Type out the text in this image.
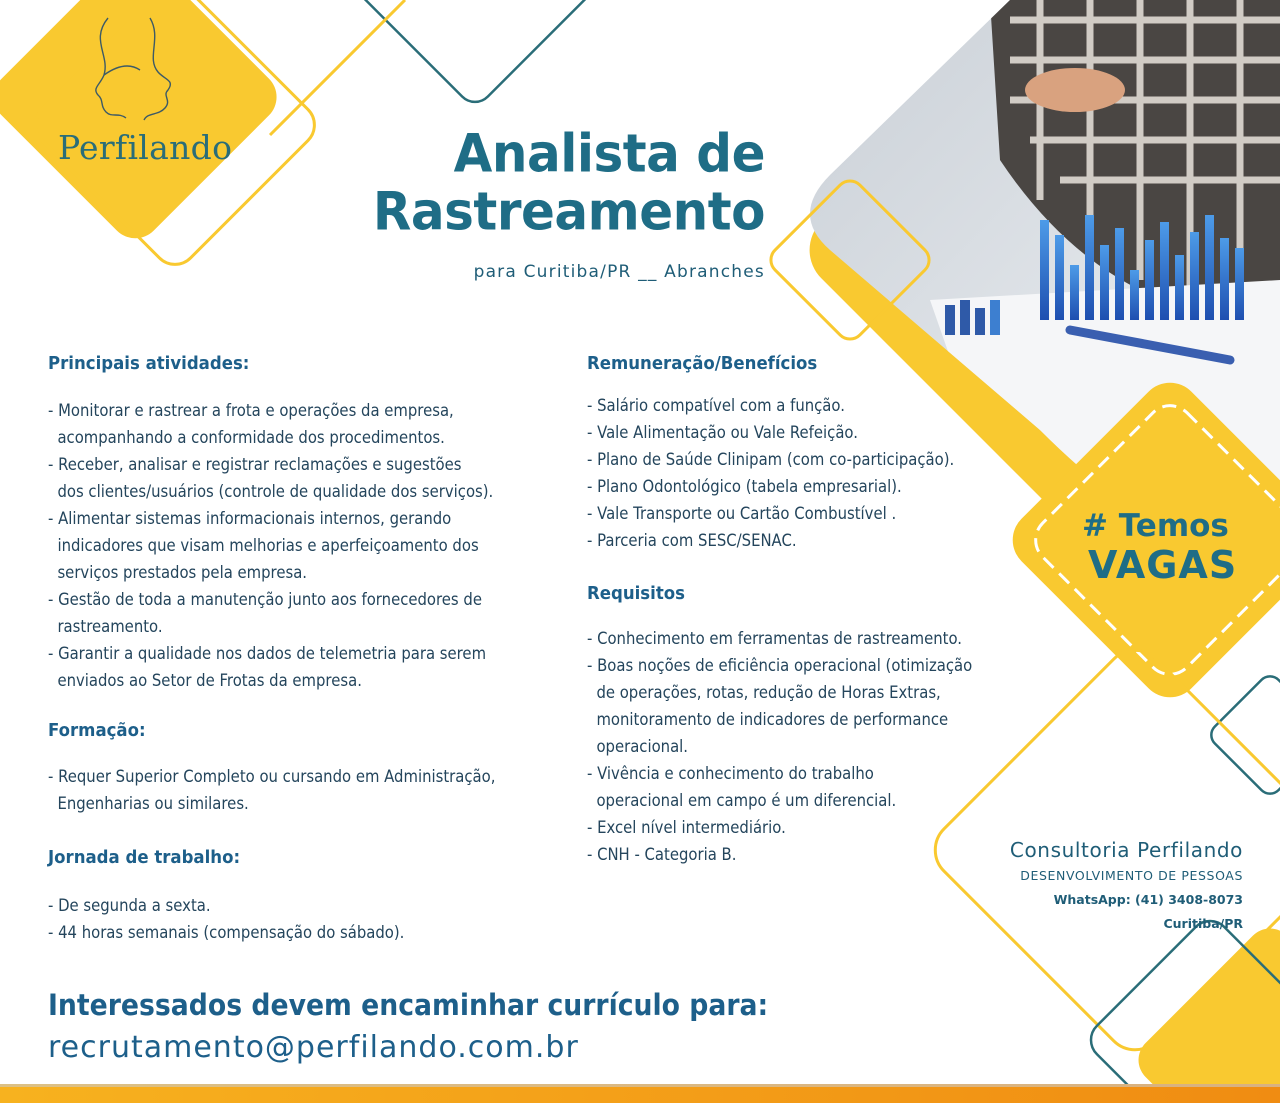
Perfilando	Analista de
Rastreamento
para Curitiba/PR __ Abranches
Principais atividades:
- Monitorar e rastrear a frota e operações da empresa,
acompanhando a conformidade dos procedimentos.
- Receber, analisar e registrar reclamações e sugestões
dos clientes/usuários (controle de qualidade dos serviços).
- Alimentar sistemas informacionais internos, gerando
indicadores que visam melhorias e aperfeiçoamento dos
serviços prestados pela empresa.
- Gestão de toda a manutenção junto aos fornecedores de
rastreamento.
- Garantir a qualidade nos dados de telemetria para serem
enviados ao Setor de Frotas da empresa.
Formação:
- Requer Superior Completo ou cursando em Administração,
Engenharias ou similares.
Jornada de trabalho:
- De segunda a sexta.
- 44 horas semanais (compensação do sábado).
Remuneração/Benefícios
- Salário compatível com a função.
- Vale Alimentação ou Vale Refeição.
- Plano de Saúde Clinipam (com co-participação).
- Plano Odontológico (tabela empresarial).
- Vale Transporte ou Cartão Combustível .
- Parceria com SESC/SENAC.
Requisitos
- Conhecimento em ferramentas de rastreamento.
- Boas noções de eficiência operacional (otimização
de operações, rotas, redução de Horas Extras,
monitoramento de indicadores de performance
operacional.
- Vivência e conhecimento do trabalho
operacional em campo é um diferencial.
- Excel nível intermediário.
- CNH - Categoria B.
# Temos
VAGAS
Consultoria Perfilando
DESENVOLVIMENTO DE PESSOAS
WhatsApp: (41) 3408-8073
Curitiba/PR
Interessados devem encaminhar currículo para:
recrutamento@perfilando.com.br
